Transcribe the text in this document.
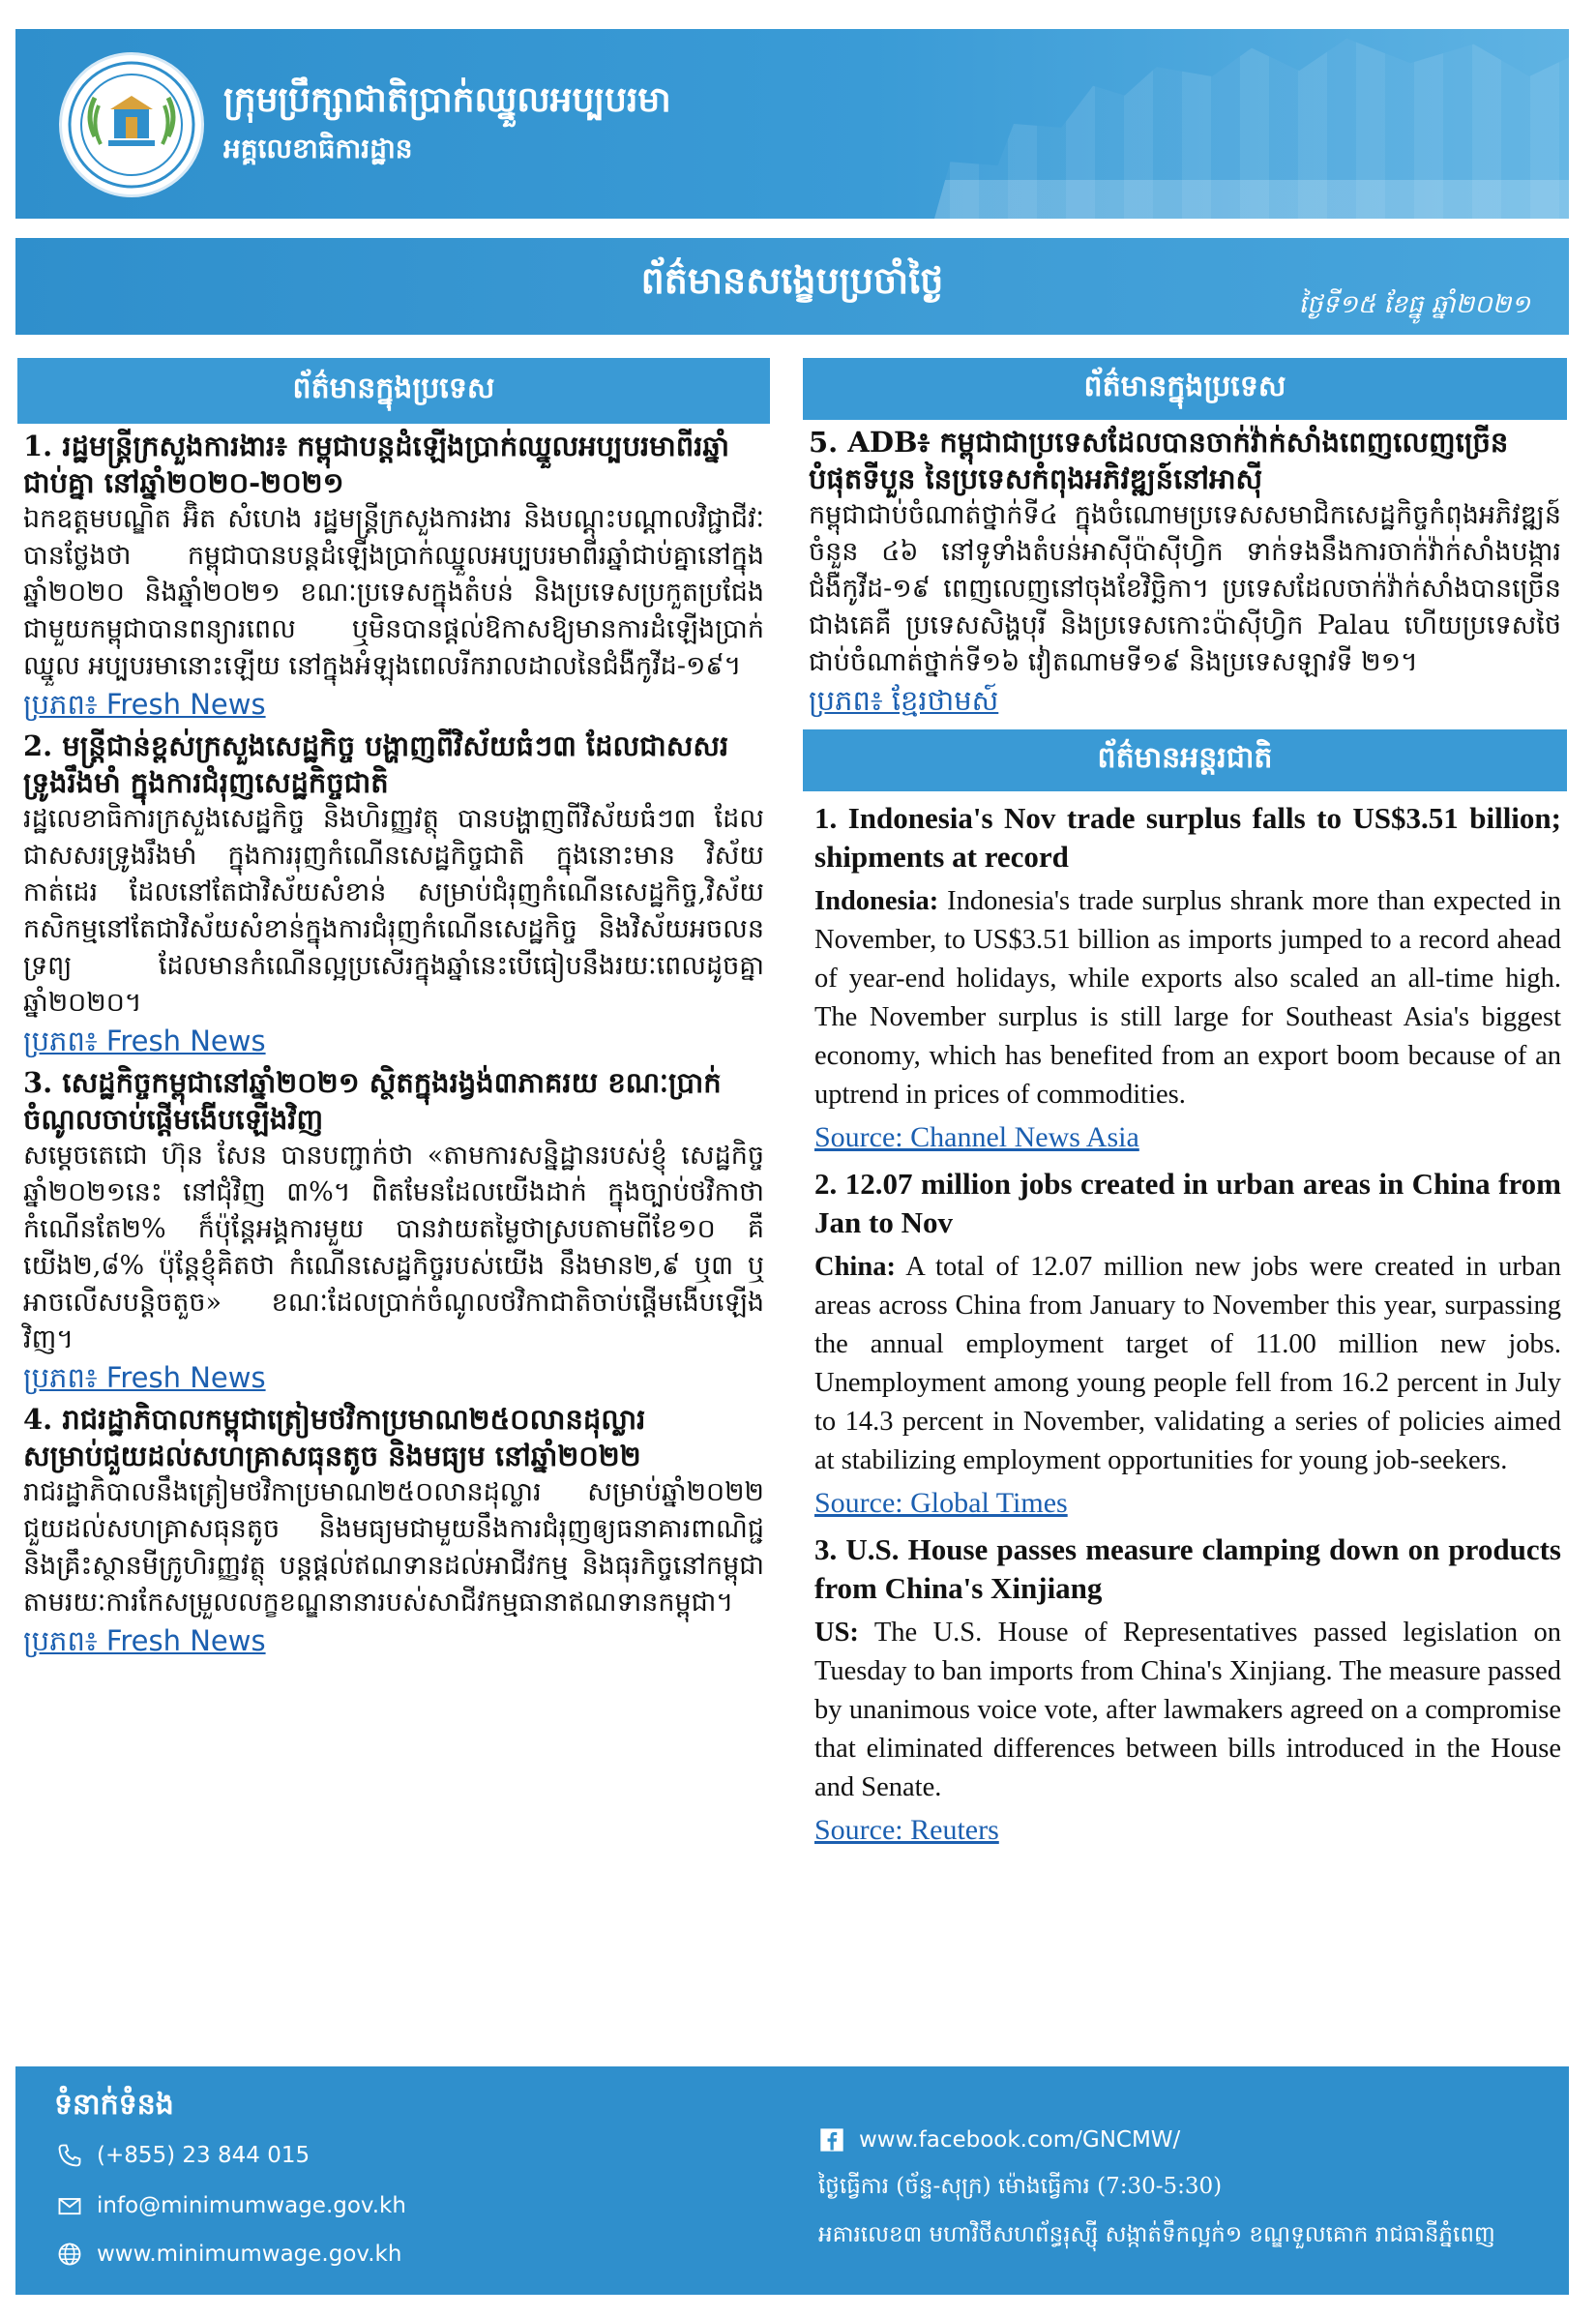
ក្រុមប្រឹក្សាជាតិប្រាក់ឈ្នួលអប្បបរមា
អគ្គលេខាធិការដ្ឋាន
ព័ត៌មានសង្ខេបប្រចាំថ្ងៃ
ថ្ងៃទី១៥ ខែធ្នូ ឆ្នាំ២០២១
ព័ត៌មានក្នុងប្រទេស
1. រដ្ឋមន្ត្រីក្រសួងការងារ៖ កម្ពុជាបន្តដំឡើងប្រាក់ឈ្នួលអប្បបរមាពីរឆ្នាំជាប់គ្នា នៅឆ្នាំ២០២០-២០២១
ឯកឧត្តមបណ្ឌិត អ៊ិត សំហេង រដ្ឋមន្ត្រីក្រសួងការងារ និងបណ្ដុះបណ្ដាលវិជ្ជាជីវៈ បានថ្លែងថា កម្ពុជាបានបន្តដំឡើងប្រាក់ឈ្នួលអប្បបរមាពីរឆ្នាំជាប់គ្នានៅក្នុងឆ្នាំ២០២០ និងឆ្នាំ២០២១ ខណៈប្រទេសក្នុងតំបន់ និងប្រទេសប្រកួតប្រជែងជាមួយកម្ពុជាបានពន្យារពេល ឬមិនបានផ្ដល់ឱកាសឱ្យមានការដំឡើងប្រាក់ឈ្នួល អប្បបរមានោះឡើយ នៅក្នុងអំឡុងពេលរីករាលដាលនៃជំងឺកូវីដ-១៩។
ប្រភព៖ Fresh News
2. មន្ត្រីជាន់ខ្ពស់ក្រសួងសេដ្ឋកិច្ច បង្ហាញពីវិស័យធំៗ៣ ដែលជាសសរទ្រូងរឹងមាំ ក្នុងការជំរុញសេដ្ឋកិច្ចជាតិ
រដ្ឋលេខាធិការក្រសួងសេដ្ឋកិច្ច និងហិរញ្ញវត្ថុ បានបង្ហាញពីវិស័យធំៗ៣ ដែលជាសសរទ្រូងរឹងមាំ ក្នុងការរុញកំណើនសេដ្ឋកិច្ចជាតិ ក្នុងនោះមាន វិស័យកាត់ដេរ ដែលនៅតែជាវិស័យសំខាន់ សម្រាប់ជំរុញកំណើនសេដ្ឋកិច្ច,វិស័យកសិកម្មនៅតែជាវិស័យសំខាន់ក្នុងការជំរុញកំណើនសេដ្ឋកិច្ច និងវិស័យអចលនទ្រព្យ ដែលមានកំណើនល្អប្រសើរក្នុងឆ្នាំនេះបើធៀបនឹងរយៈពេលដូចគ្នាឆ្នាំ២០២០។
ប្រភព៖ Fresh News
3. សេដ្ឋកិច្ចកម្ពុជានៅឆ្នាំ២០២១ ស្ថិតក្នុងរង្វង់៣ភាគរយ ខណៈប្រាក់ចំណូលចាប់ផ្ដើមងើបឡើងវិញ
សម្ដេចតេជោ ហ៊ុន សែន បានបញ្ជាក់ថា «តាមការសន្និដ្ឋានរបស់ខ្ញុំ សេដ្ឋកិច្ចឆ្នាំ២០២១នេះ នៅជុំវិញ ៣%។ ពិតមែនដែលយើងដាក់ ក្នុងច្បាប់ថវិកាថា កំណើនតែ២% ក៏ប៉ុន្តែអង្គការមួយ បានវាយតម្លៃថាស្របតាមពីខែ១០ គឺយើង២,៨% ប៉ុន្តែខ្ញុំគិតថា កំណើនសេដ្ឋកិច្ចរបស់យើង នឹងមាន២,៩ ឬ៣ ឬអាចលើសបន្តិចតួច» ខណៈដែលប្រាក់ចំណូលថវិកាជាតិចាប់ផ្ដើមងើបឡើងវិញ។
ប្រភព៖ Fresh News
4. រាជរដ្ឋាភិបាលកម្ពុជាត្រៀមថវិកាប្រមាណ២៥០លានដុល្លារ សម្រាប់ជួយដល់សហគ្រាសធុនតូច និងមធ្យម នៅឆ្នាំ២០២២
រាជរដ្ឋាភិបាលនឹងត្រៀមថវិកាប្រមាណ២៥០លានដុល្លារ សម្រាប់ឆ្នាំ២០២២ ជួយដល់សហគ្រាសធុនតូច និងមធ្យមជាមួយនឹងការជំរុញឲ្យធនាគារពាណិជ្ជ និងគ្រឹះស្ថានមីក្រូហិរញ្ញវត្ថុ បន្តផ្ដល់ឥណទានដល់អាជីវកម្ម និងធុរកិច្ចនៅកម្ពុជាតាមរយៈការកែសម្រួលលក្ខខណ្ឌនានារបស់សាជីវកម្មធានាឥណទានកម្ពុជា។
ប្រភព៖ Fresh News
ព័ត៌មានក្នុងប្រទេស
5. ADB៖ កម្ពុជាជាប្រទេសដែលបានចាក់វ៉ាក់សាំងពេញលេញច្រើនបំផុតទីបួន នៃប្រទេសកំពុងអភិវឌ្ឍន៍នៅអាស៊ី
កម្ពុជាជាប់ចំណាត់ថ្នាក់ទី៤ ក្នុងចំណោមប្រទេសសមាជិកសេដ្ឋកិច្ចកំពុងអភិវឌ្ឍន៍ចំនួន ៤៦ នៅទូទាំងតំបន់អាស៊ីប៉ាស៊ីហ្វិក ទាក់ទងនឹងការចាក់វ៉ាក់សាំងបង្ការជំងឺកូវីដ-១៩ ពេញលេញនៅចុងខែវិច្ឆិកា។ ប្រទេសដែលចាក់វ៉ាក់សាំងបានច្រើនជាងគេគឺ ប្រទេសសិង្ហបុរី និងប្រទេសកោះប៉ាស៊ីហ្វិក Palau ហើយប្រទេសថៃជាប់ចំណាត់ថ្នាក់ទី១៦ វៀតណាមទី១៩ និងប្រទេសឡាវទី ២១។
ប្រភព៖ ខ្មែរថាមស៍
ព័ត៌មានអន្តរជាតិ
1. Indonesia's Nov trade surplus falls to US$3.51 billion; shipments at record
Indonesia: Indonesia's trade surplus shrank more than expected in November, to US$3.51 billion as imports jumped to a record ahead of year-end holidays, while exports also scaled an all-time high. The November surplus is still large for Southeast Asia's biggest economy, which has benefited from an export boom because of an uptrend in prices of commodities.
Source: Channel News Asia
2. 12.07 million jobs created in urban areas in China from Jan to Nov
China: A total of 12.07 million new jobs were created in urban areas across China from January to November this year, surpassing the annual employment target of 11.00 million new jobs. Unemployment among young people fell from 16.2 percent in July to 14.3 percent in November, validating a series of policies aimed at stabilizing employment opportunities for young job-seekers.
Source: Global Times
3. U.S. House passes measure clamping down on products from China's Xinjiang
US: The U.S. House of Representatives passed legislation on Tuesday to ban imports from China's Xinjiang. The measure passed by unanimous voice vote, after lawmakers agreed on a compromise that eliminated differences between bills introduced in the House and Senate.
Source: Reuters
ទំនាក់ទំនង
(+855) 23 844 015
info@minimumwage.gov.kh
www.minimumwage.gov.kh
www.facebook.com/GNCMW/
ថ្ងៃធ្វើការ (ច័ន្ទ-សុក្រ) ម៉ោងធ្វើការ (7:30-5:30)
អគារលេខ៣ មហាវិថីសហព័ន្ធរុស្ស៊ី សង្កាត់ទឹកល្អក់១ ខណ្ឌទួលគោក រាជធានីភ្នំពេញ
